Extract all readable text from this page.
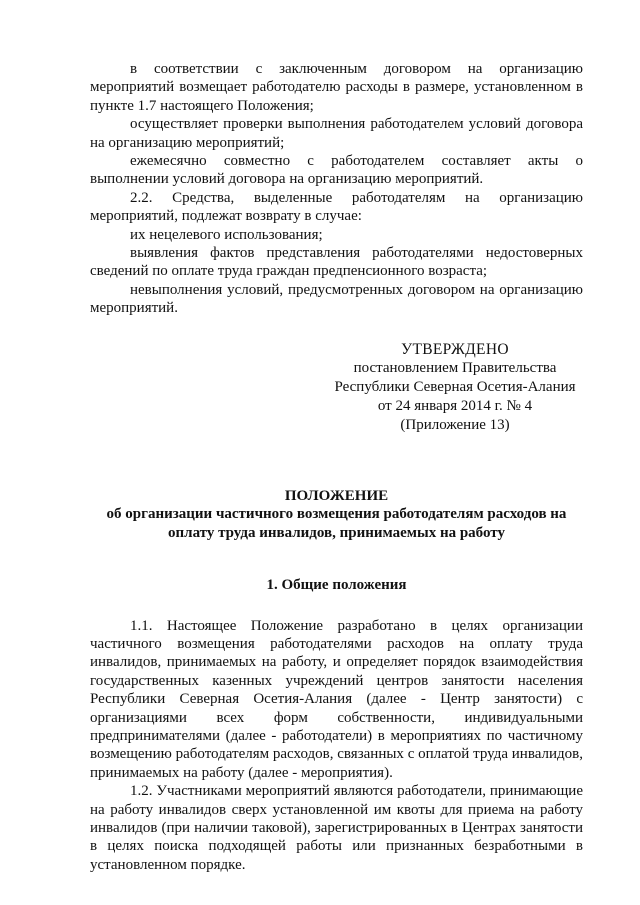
в соответствии с заключенным договором на организацию мероприятий возмещает работодателю расходы в размере, установленном в пункте 1.7 настоящего Положения;

осуществляет проверки выполнения работодателем условий договора на организацию мероприятий;

ежемесячно совместно с работодателем составляет акты о выполнении условий договора на организацию мероприятий.

2.2. Средства, выделенные работодателям на организацию мероприятий, подлежат возврату в случае:

их нецелевого использования;

выявления фактов представления работодателями недостоверных сведений по оплате труда граждан предпенсионного возраста;

невыполнения условий, предусмотренных договором на организацию мероприятий.

УТВЕРЖДЕНО
постановлением Правительства
Республики Северная Осетия-Алания
от 24 января 2014 г. № 4
(Приложение 13)
ПОЛОЖЕНИЕ
об организации частичного возмещения работодателям расходов на
оплату труда инвалидов, принимаемых на работу
1. Общие положения

1.1. Настоящее Положение разработано в целях организации частичного возмещения работодателями расходов на оплату труда инвалидов, принимаемых на работу, и определяет порядок взаимодействия государственных казенных учреждений центров занятости населения Республики Северная Осетия-Алания (далее - Центр занятости) с организациями всех форм собственности, индивидуальными предпринимателями (далее - работодатели) в мероприятиях по частичному возмещению работодателям расходов, связанных с оплатой труда инвалидов, принимаемых на работу (далее - мероприятия).

1.2. Участниками мероприятий являются работодатели, принимающие на работу инвалидов сверх установленной им квоты для приема на работу инвалидов (при наличии таковой), зарегистрированных в Центрах занятости в целях поиска подходящей работы или признанных безработными в установленном порядке.
